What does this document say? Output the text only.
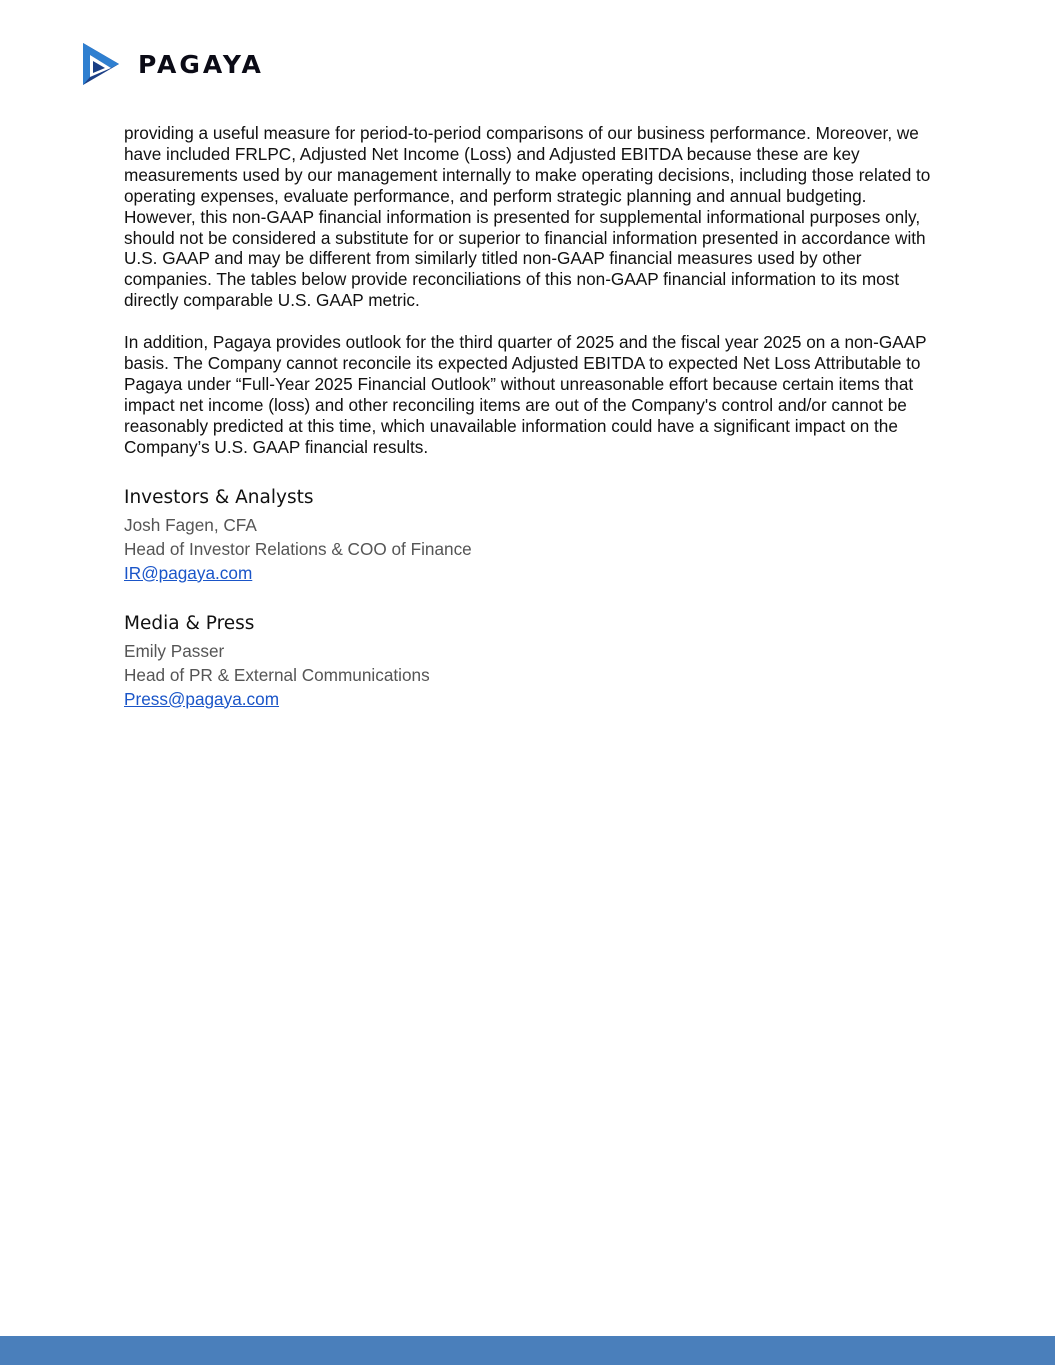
PAGAYA

providing a useful measure for period-to-period comparisons of our business performance. Moreover, we have included FRLPC, Adjusted Net Income (Loss) and Adjusted EBITDA because these are key measurements used by our management internally to make operating decisions, including those related to operating expenses, evaluate performance, and perform strategic planning and annual budgeting. However, this non-GAAP financial information is presented for supplemental informational purposes only, should not be considered a substitute for or superior to financial information presented in accordance with U.S. GAAP and may be different from similarly titled non-GAAP financial measures used by other companies. The tables below provide reconciliations of this non-GAAP financial information to its most directly comparable U.S. GAAP metric.

In addition, Pagaya provides outlook for the third quarter of 2025 and the fiscal year 2025 on a non-GAAP basis. The Company cannot reconcile its expected Adjusted EBITDA to expected Net Loss Attributable to Pagaya under “Full-Year 2025 Financial Outlook” without unreasonable effort because certain items that impact net income (loss) and other reconciling items are out of the Company's control and/or cannot be reasonably predicted at this time, which unavailable information could have a significant impact on the Company’s U.S. GAAP financial results.

Investors & Analysts
Josh Fagen, CFA
Head of Investor Relations & COO of Finance
IR@pagaya.com
Media & Press
Emily Passer
Head of PR & External Communications
Press@pagaya.com
